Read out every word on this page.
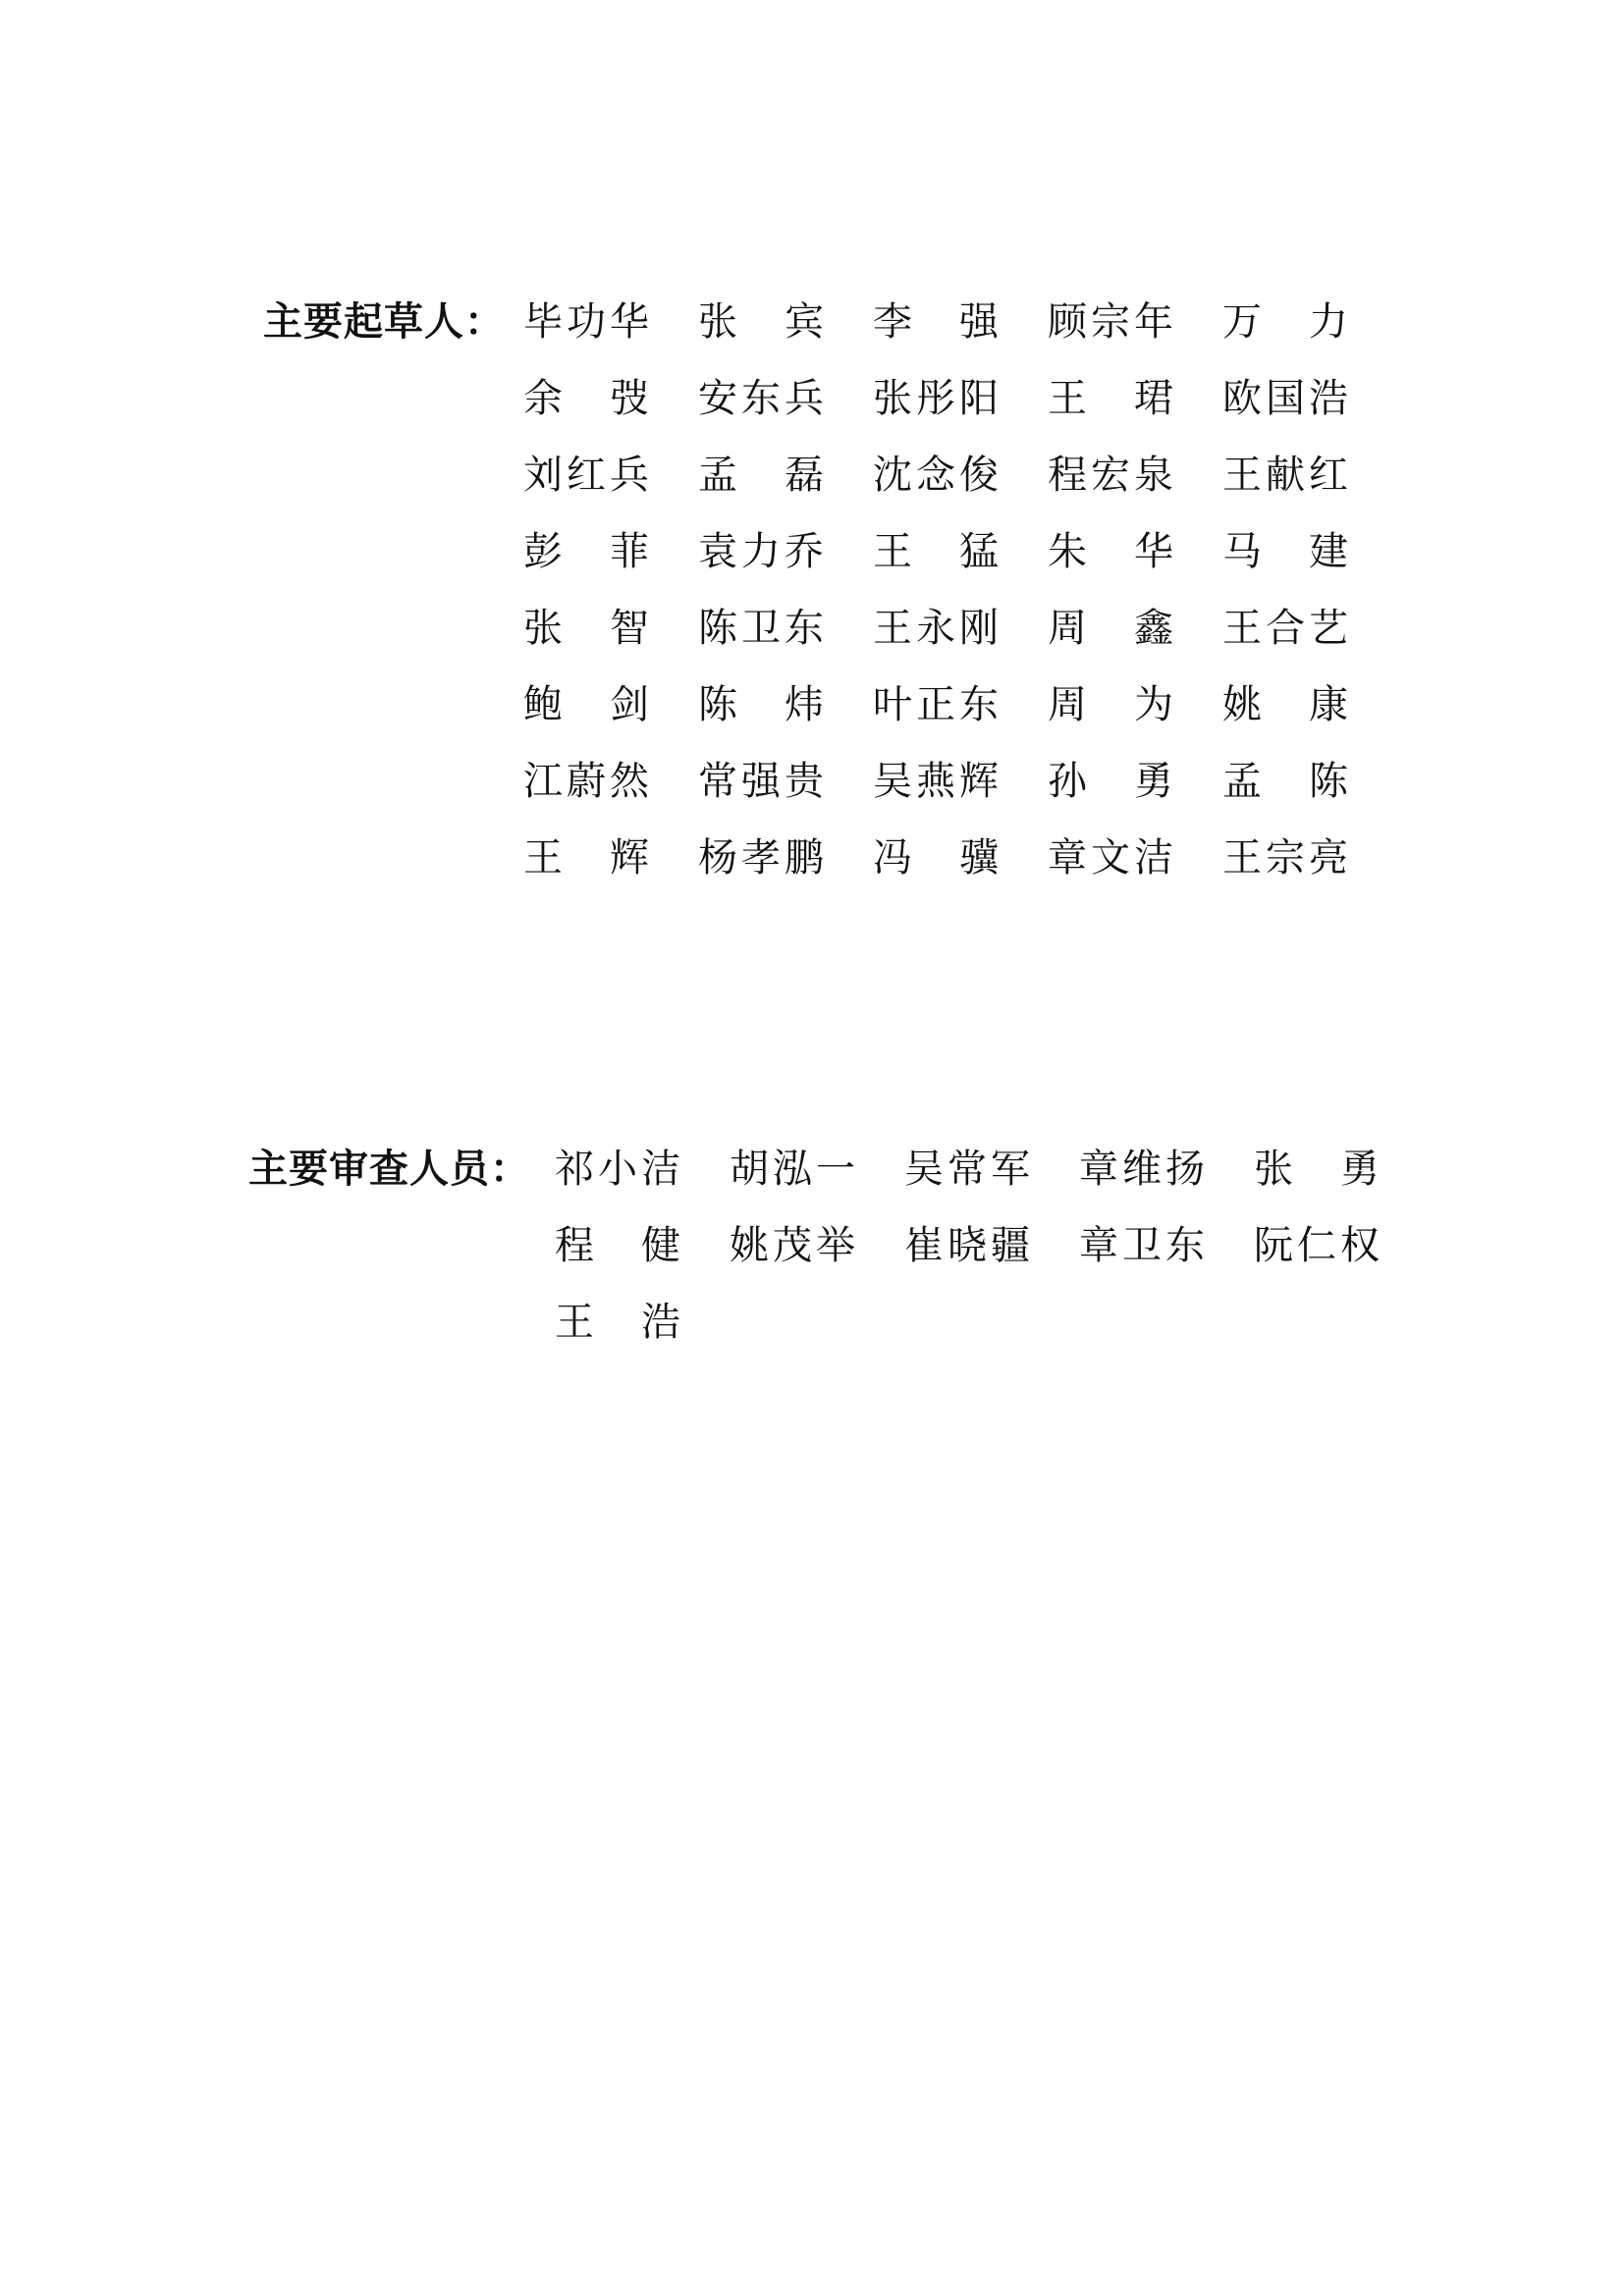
主要起草人： 毕功华 张　宾 李　强 顾宗年 万　力
余　弢 安东兵 张彤阳 王　珺 欧国浩
刘红兵 孟　磊 沈念俊 程宏泉 王献红
彭　菲 袁力乔 王　猛 朱　华 马　建
张　智 陈卫东 王永刚 周　鑫 王合艺
鲍　剑 陈　炜 叶正东 周　为 姚　康
江蔚然 常强贵 吴燕辉 孙　勇 孟　陈
王　辉 杨孝鹏 冯　骥 章文洁 王宗亮
主要审查人员： 祁小洁 胡泓一 吴常军 章维扬 张　勇
程　健 姚茂举 崔晓疆 章卫东 阮仁权
王　浩
